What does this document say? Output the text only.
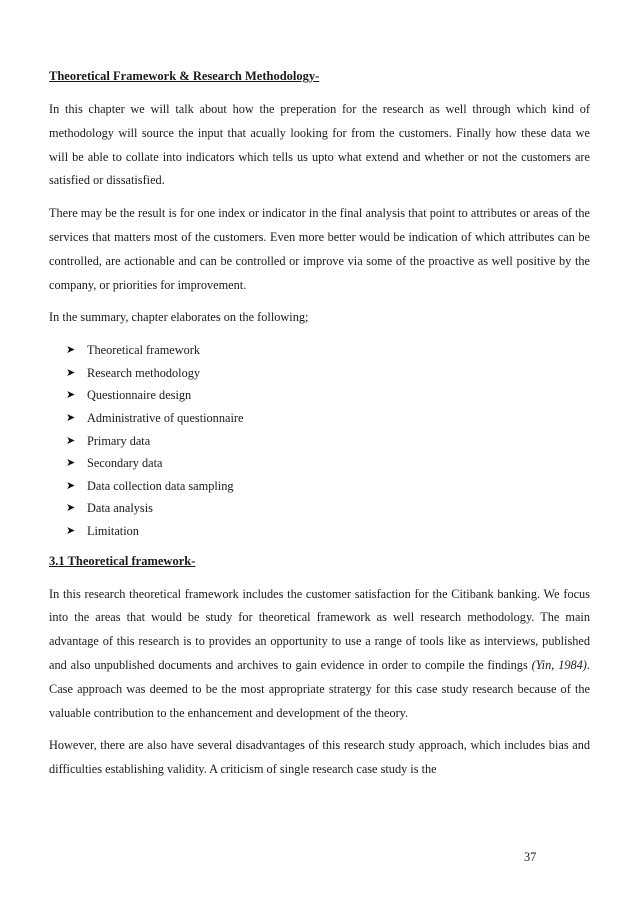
Theoretical Framework & Research Methodology-

In this chapter we will talk about how the preperation for the research as well through which kind of methodology will source the input that acually looking for from the customers. Finally how these data we will be able to collate into indicators which tells us upto what extend and whether or not the customers are satisfied or dissatisfied.

There may be the result is for one index or indicator in the final analysis that point to attributes or areas of the services that matters most of the customers. Even more better would be indication of which attributes can be controlled, are actionable and can be controlled or improve via some of the proactive as well positive by the company, or priorities for improvement.

In the summary, chapter elaborates on the following;

➤ Theoretical framework
➤ Research methodology
➤ Questionnaire design
➤ Administrative of questionnaire
➤ Primary data
➤ Secondary data
➤ Data collection data sampling
➤ Data analysis
➤ Limitation
3.1 Theoretical framework-

In this research theoretical framework includes the customer satisfaction for the Citibank banking. We focus into the areas that would be study for theoretical framework as well research methodology. The main advantage of this research is to provides an opportunity to use a range of tools like as interviews, published and also unpublished documents and archives to gain evidence in order to compile the findings (Yin, 1984). Case approach was deemed to be the most appropriate stratergy for this case study research because of the valuable contribution to the enhancement and development of the theory.

However, there are also have several disadvantages of this research study approach, which includes bias and difficulties establishing validity. A criticism of single research case study is the

37
